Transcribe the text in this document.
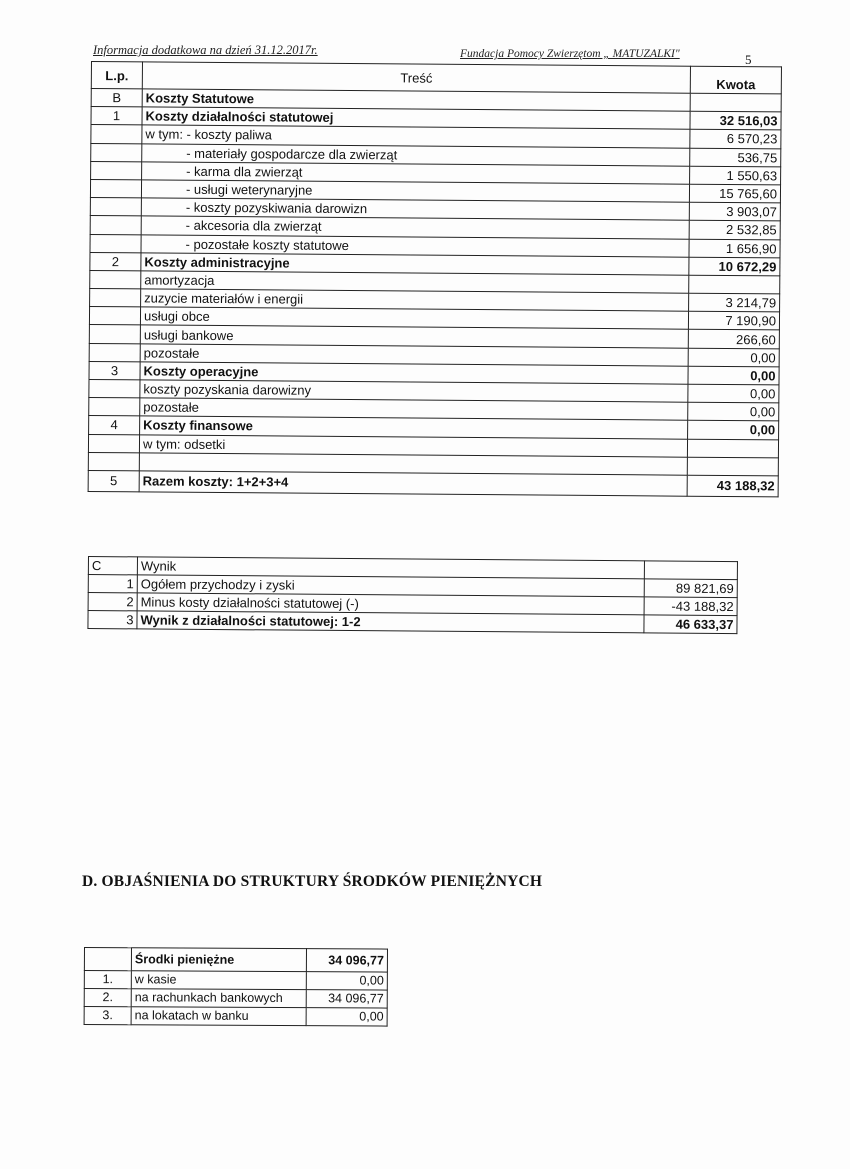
Informacja dodatkowa na dzień 31.12.2017r.	Fundacja Pomocy Zwierzętom „ MATUZALKI"	5
L.p.	Treść	Kwota
B	Koszty Statutowe	
1	Koszty działalności statutowej	32 516,03
	w tym: - koszty paliwa	6 570,23
	- materiały gospodarcze dla zwierząt	536,75
	- karma dla zwierząt	1 550,63
	- usługi weterynaryjne	15 765,60
	- koszty pozyskiwania darowizn	3 903,07
	- akcesoria dla zwierząt	2 532,85
	- pozostałe koszty statutowe	1 656,90
2	Koszty administracyjne	10 672,29
	amortyzacja	
	zuzycie materiałów i energii	3 214,79
	usługi obce	7 190,90
	usługi bankowe	266,60
	pozostałe	0,00
3	Koszty operacyjne	0,00
	koszty pozyskania darowizny	0,00
	pozostałe	0,00
4	Koszty finansowe	0,00
	w tym: odsetki	

5	Razem koszty: 1+2+3+4	43 188,32
C	Wynik	
1	Ogółem przychodzy i zyski	89 821,69
2	Minus kosty działalności statutowej (-)	-43 188,32
3	Wynik z działalności statutowej: 1-2	46 633,37
D. OBJAŚNIENIA DO STRUKTURY ŚRODKÓW PIENIĘŻNYCH
	Środki pieniężne	34 096,77
1.	w kasie	0,00
2.	na rachunkach bankowych	34 096,77
3.	na lokatach w banku	0,00
